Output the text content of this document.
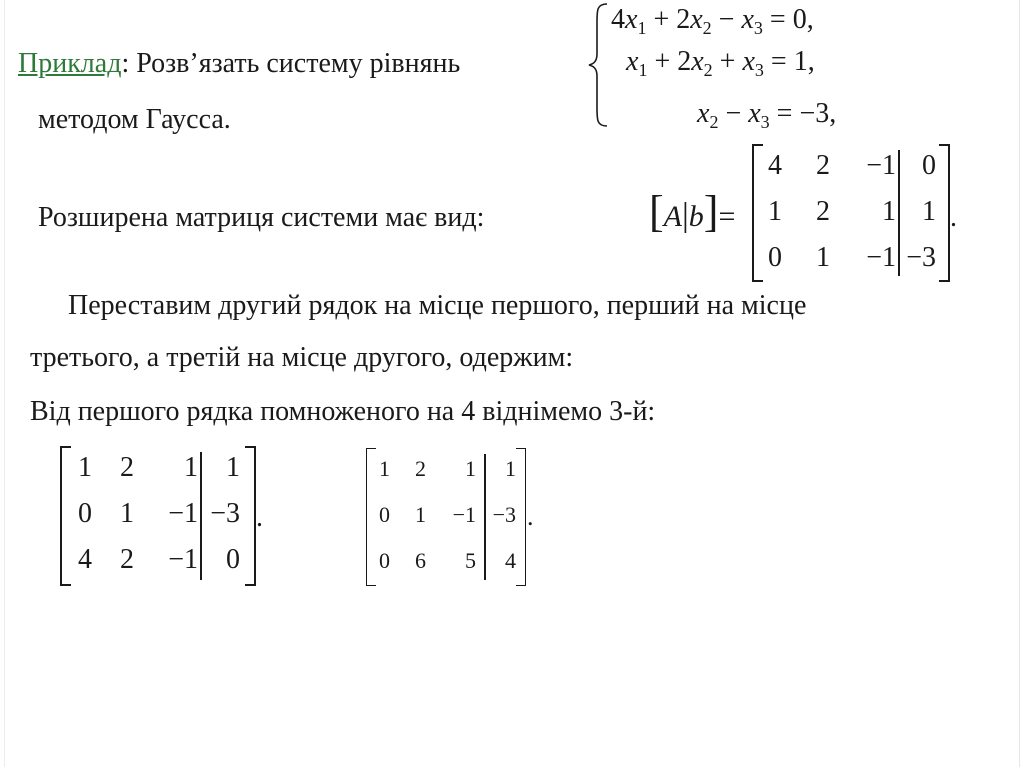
Приклад: Розв’язать систему рівнянь
методом Гаусса.
$4x_1 + 2x_2 - x_3 = 0$,
$x_1 + 2x_2 + x_3 = 1$,
$x_2 - x_3 = -3$,
Розширена матриця системи має вид:	[A|b]=
4 2 −1 0
1 2 1 1
0 1 −1 −3
.
Переставим другий рядок на місце першого, перший на місце
третього, а третій на місце другого, одержим:
Від першого рядка помноженого на 4 віднімемо 3-й:
1 2 1 1
0 1 −1 −3
4 2 −1 0
.
1 2 1 1
0 1 −1 −3
0 6 5 4
.
